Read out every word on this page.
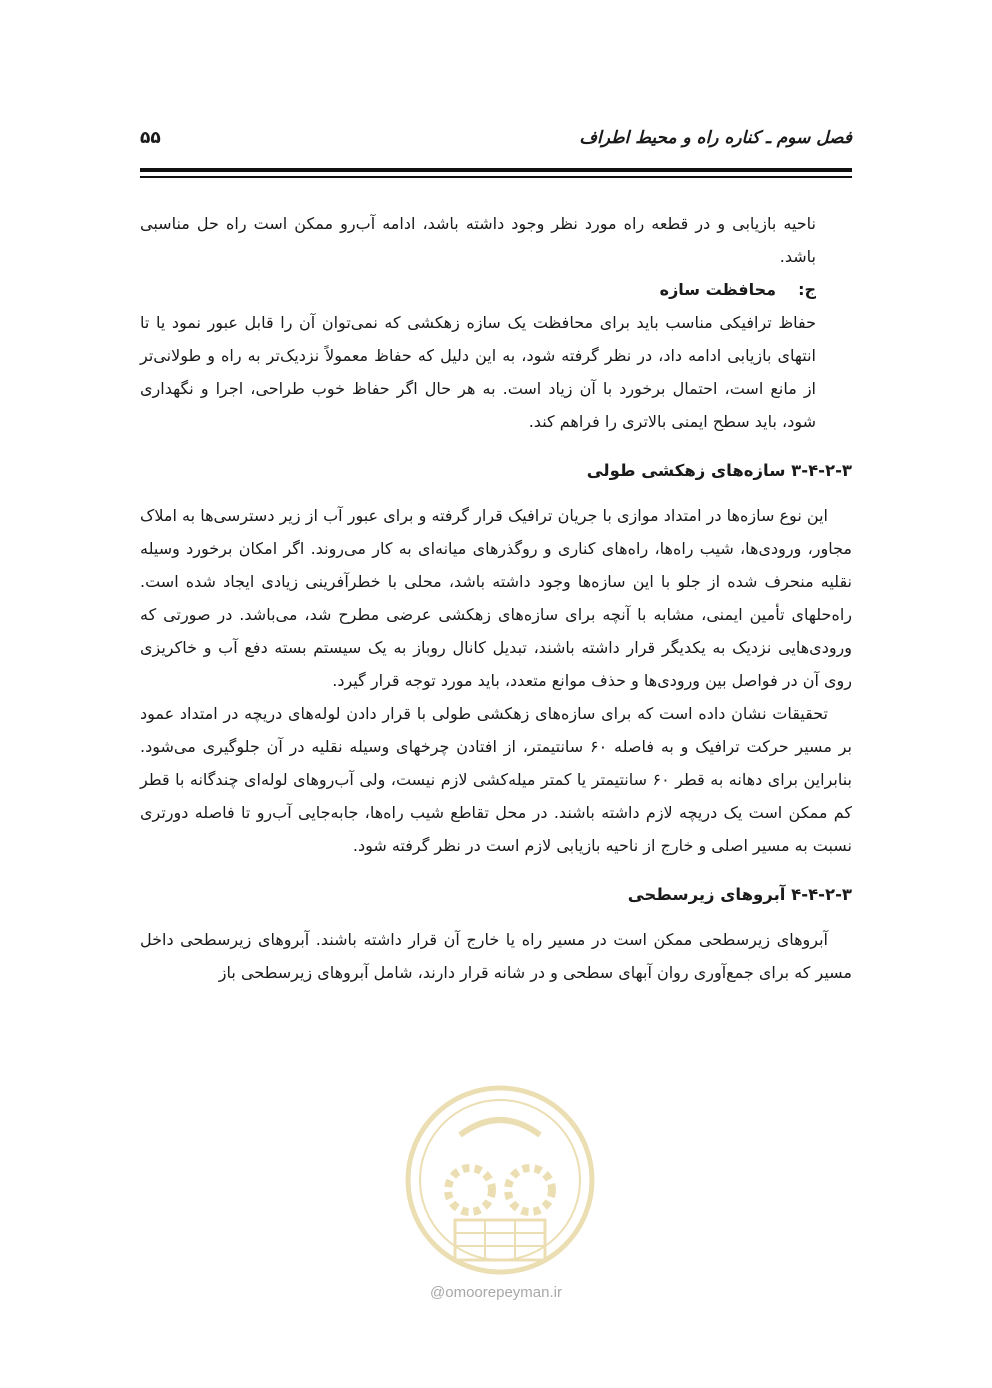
فصل سوم ـ کناره راه و محیط اطراف
۵۵

ناحیه بازیابی و در قطعه راه مورد نظر وجود داشته باشد، ادامه آب‌رو ممکن است راه حل مناسبی باشد.

ج:
محافظت سازه

حفاظ ترافیکی مناسب باید برای محافظت یک سازه زهکشی که نمی‌توان آن را قابل عبور نمود یا تا انتهای بازیابی ادامه داد، در نظر گرفته شود، به این دلیل که حفاظ معمولاً نزدیک‌تر به راه و طولانی‌تر از مانع است، احتمال برخورد با آن زیاد است. به هر حال اگر حفاظ خوب طراحی، اجرا و نگهداری شود، باید سطح ایمنی بالاتری را فراهم کند.

۳-۴-۲-۳ سازه‌های زهکشی طولی

این نوع سازه‌ها در امتداد موازی با جریان ترافیک قرار گرفته و برای عبور آب از زیر دسترسی‌ها به املاک مجاور، ورودی‌ها، شیب راه‌ها، راه‌های کناری و روگذرهای میانه‌ای به کار می‌روند. اگر امکان برخورد وسیله نقلیه منحرف شده از جلو با این سازه‌ها وجود داشته باشد، محلی با خطرآفرینی زیادی ایجاد شده است. راه‌حلهای تأمین ایمنی، مشابه با آنچه برای سازه‌های زهکشی عرضی مطرح شد، می‌باشد. در صورتی که ورودی‌هایی نزدیک به یکدیگر قرار داشته باشند، تبدیل کانال روباز به یک سیستم بسته دفع آب و خاکریزی روی آن در فواصل بین ورودی‌ها و حذف موانع متعدد، باید مورد توجه قرار گیرد.

تحقیقات نشان داده است که برای سازه‌های زهکشی طولی با قرار دادن لوله‌های دریچه در امتداد عمود بر مسیر حرکت ترافیک و به فاصله ۶۰ سانتیمتر، از افتادن چرخهای وسیله نقلیه در آن جلوگیری می‌شود. بنابراین برای دهانه به قطر ۶۰ سانتیمتر یا کمتر میله‌کشی لازم نیست، ولی آب‌روهای لوله‌ای چندگانه با قطر کم ممکن است یک دریچه لازم داشته باشند. در محل تقاطع شیب راه‌ها، جابه‌جایی آب‌رو تا فاصله دورتری نسبت به مسیر اصلی و خارج از ناحیه بازیابی لازم است در نظر گرفته شود.

۴-۴-۲-۳ آبروهای زیرسطحی

آبروهای زیرسطحی ممکن است در مسیر راه یا خارج آن قرار داشته باشند. آبروهای زیرسطحی داخل مسیر که برای جمع‌آوری روان آبهای سطحی و در شانه قرار دارند، شامل آبروهای زیرسطحی باز

@omoorepeyman.ir
